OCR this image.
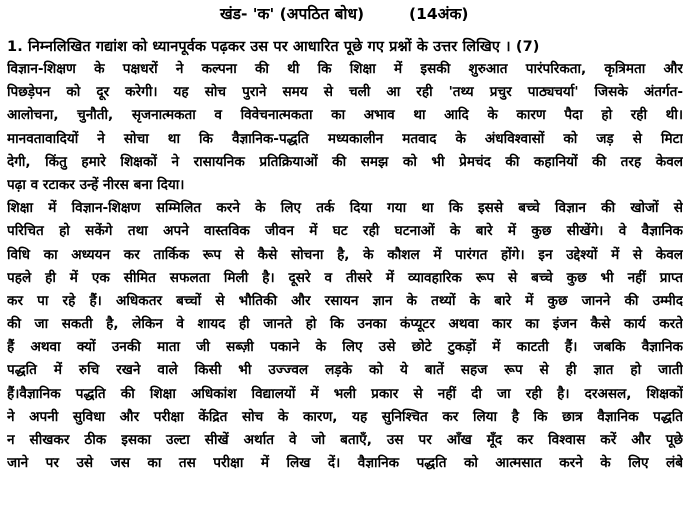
खंड- 'क' (अपठित बोध)	(14अंक)
1. निम्नलिखित गद्यांश को ध्यानपूर्वक पढ़कर उस पर आधारित पूछे गए प्रश्नों के उत्तर लिखिए । (7)
विज्ञान-शिक्षण के पक्षधरों ने कल्पना की थी कि शिक्षा में इसकी शुरुआत पारंपरिकता, कृत्रिमता और
पिछड़ेपन को दूर करेगी। यह सोच पुराने समय से चली आ रही 'तथ्य प्रचुर पाठ्यचर्या' जिसके अंतर्गत-
आलोचना, चुनौती, सृजनात्मकता व विवेचनात्मकता का अभाव था आदि के कारण पैदा हो रही थी।
मानवतावादियों ने सोचा था कि वैज्ञानिक-पद्धति मध्यकालीन मतवाद के अंधविश्वासों को जड़ से मिटा
देगी, किंतु हमारे शिक्षकों ने रासायनिक प्रतिक्रियाओं की समझ को भी प्रेमचंद की कहानियों की तरह केवल
पढ़ा व रटाकर उन्हें नीरस बना दिया।
शिक्षा में विज्ञान-शिक्षण सम्मिलित करने के लिए तर्क दिया गया था कि इससे बच्चे विज्ञान की खोजों से
परिचित हो सकेंगे तथा अपने वास्तविक जीवन में घट रही घटनाओं के बारे में कुछ सीखेंगे। वे वैज्ञानिक
विधि का अध्ययन कर तार्किक रूप से कैसे सोचना है, के कौशल में पारंगत होंगे। इन उद्देश्यों में से केवल
पहले ही में एक सीमित सफलता मिली है। दूसरे व तीसरे में व्यावहारिक रूप से बच्चे कुछ भी नहीं प्राप्त
कर पा रहे हैं। अधिकतर बच्चों से भौतिकी और रसायन ज्ञान के तथ्यों के बारे में कुछ जानने की उम्मीद
की जा सकती है, लेकिन वे शायद ही जानते हो कि उनका कंप्यूटर अथवा कार का इंजन कैसे कार्य करते
हैं अथवा क्यों उनकी माता जी सब्ज़ी पकाने के लिए उसे छोटे टुकड़ों में काटती हैं। जबकि वैज्ञानिक
पद्धति में रुचि रखने वाले किसी भी उज्ज्वल लड़के को ये बातें सहज रूप से ही ज्ञात हो जाती
हैं।वैज्ञानिक पद्धति की शिक्षा अधिकांश विद्यालयों में भली प्रकार से नहीं दी जा रही है। दरअसल, शिक्षकों
ने अपनी सुविधा और परीक्षा केंद्रित सोच के कारण, यह सुनिश्चित कर लिया है कि छात्र वैज्ञानिक पद्धति
न सीखकर ठीक इसका उल्टा सीखें अर्थात वे जो बताएँ, उस पर आँख मूँद कर विश्वास करें और पूछे
जाने पर उसे जस का तस परीक्षा में लिख दें। वैज्ञानिक पद्धति को आत्मसात करने के लिए लंबे
